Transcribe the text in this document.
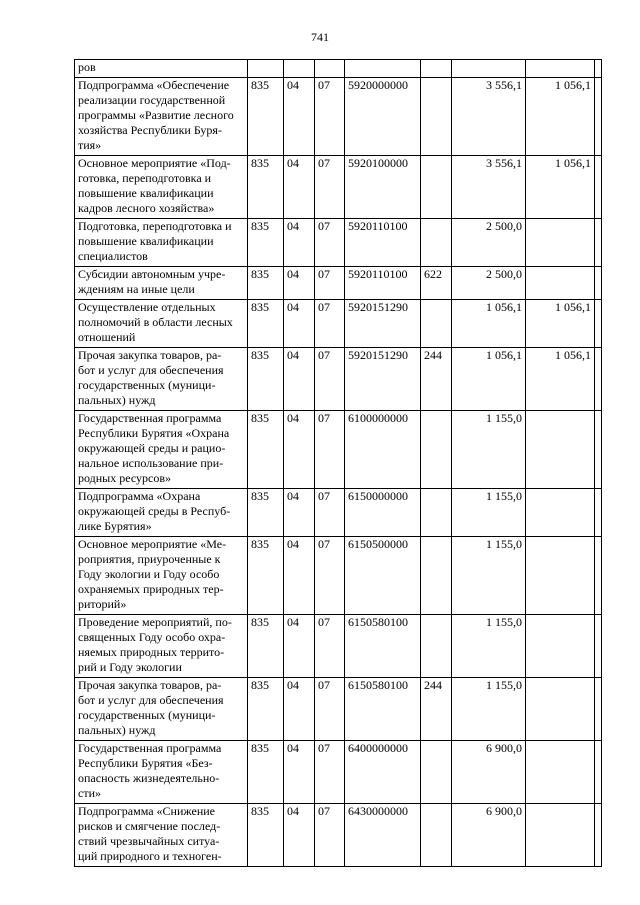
741
ров								

Подпрограмма «Обеспечение
реализации государственной
программы «Развитие лесного
хозяйства Республики Буря-
тия»	835	04	07	5920000000		3 556,1	1 056,1	

Основное мероприятие «Под-
готовка, переподготовка и
повышение квалификации
кадров лесного хозяйства»	835	04	07	5920100000		3 556,1	1 056,1	

Подготовка, переподготовка и
повышение квалификации
специалистов	835	04	07	5920110100		2 500,0		

Субсидии автономным учре-
ждениям на иные цели	835	04	07	5920110100	622	2 500,0		

Осуществление отдельных
полномочий в области лесных
отношений	835	04	07	5920151290		1 056,1	1 056,1	

Прочая закупка товаров, ра-
бот и услуг для обеспечения
государственных (муници-
пальных) нужд	835	04	07	5920151290	244	1 056,1	1 056,1	

Государственная программа
Республики Бурятия «Охрана
окружающей среды и рацио-
нальное использование при-
родных ресурсов»	835	04	07	6100000000		1 155,0		

Подпрограмма «Охрана
окружающей среды в Респуб-
лике Бурятия»	835	04	07	6150000000		1 155,0		

Основное мероприятие «Ме-
роприятия, приуроченные к
Году экологии и Году особо
охраняемых природных тер-
риторий»	835	04	07	6150500000		1 155,0		

Проведение мероприятий, по-
священных Году особо охра-
няемых природных террито-
рий и Году экологии	835	04	07	6150580100		1 155,0		

Прочая закупка товаров, ра-
бот и услуг для обеспечения
государственных (муници-
пальных) нужд	835	04	07	6150580100	244	1 155,0		

Государственная программа
Республики Бурятия «Без-
опасность жизнедеятельно-
сти»	835	04	07	6400000000		6 900,0		

Подпрограмма «Снижение
рисков и смягчение послед-
ствий чрезвычайных ситуа-
ций природного и техноген-	835	04	07	6430000000		6 900,0		
